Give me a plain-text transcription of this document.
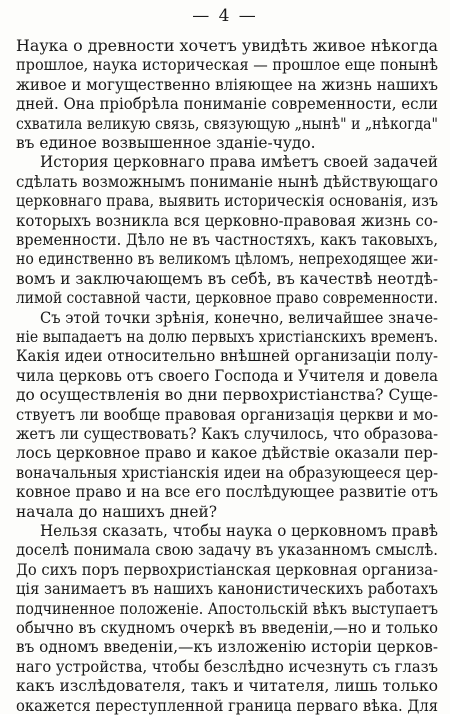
— 4 —
Наука о древности хочетъ увидѣть живое нѣкогда
прошлое, наука историческая — прошлое еще понынѣ
живое и могущественно вліяющее на жизнь нашихъ
дней. Она пріобрѣла пониманіе современности, если
схватила великую связь, связующую „нынѣ" и „нѣкогда"
въ единое возвышенное зданіе-чудо.
История церковнаго права имѣетъ своей задачей
сдѣлать возможнымъ пониманіе нынѣ дѣйствующаго
церковнаго права, выявить историческія основанія, изъ
которыхъ возникла вся церковно-правовая жизнь со-
временности. Дѣло не въ частностяхъ, какъ таковыхъ,
но единственно въ великомъ цѣломъ, непреходящее жи-
вомъ и заключающемъ въ себѣ, въ качествѣ неотдѣ-
лимой составной части, церковное право современности.
Съ этой точки зрѣнія, конечно, величайшее значе-
ніе выпадаетъ на долю первыхъ христіанскихъ временъ.
Какія идеи относительно внѣшней организаціи полу-
чила церковь отъ своего Господа и Учителя и довела
до осуществленія во дни первохристіанства? Суще-
ствуетъ ли вообще правовая организація церкви и мо-
жетъ ли существовать? Какъ случилось, что образова-
лось церковное право и какое дѣйствіе оказали пер-
воначальныя христіанскія идеи на образующееся цер-
ковное право и на все его послѣдующее развитіе отъ
начала до нашихъ дней?
Нельзя сказать, чтобы наука о церковномъ правѣ
доселѣ понимала свою задачу въ указанномъ смыслѣ.
До сихъ поръ первохристіанская церковная организа-
ція занимаетъ въ нашихъ канонистическихъ работахъ
подчиненное положеніе. Апостольскій вѣкъ выступаетъ
обычно въ скудномъ очеркѣ въ введеніи,—но и только
въ одномъ введеніи,—къ изложенію исторіи церков-
наго устройства, чтобы безслѣдно исчезнуть съ глазъ
какъ изслѣдователя, такъ и читателя, лишь только
окажется переступленной граница перваго вѣка. Для
